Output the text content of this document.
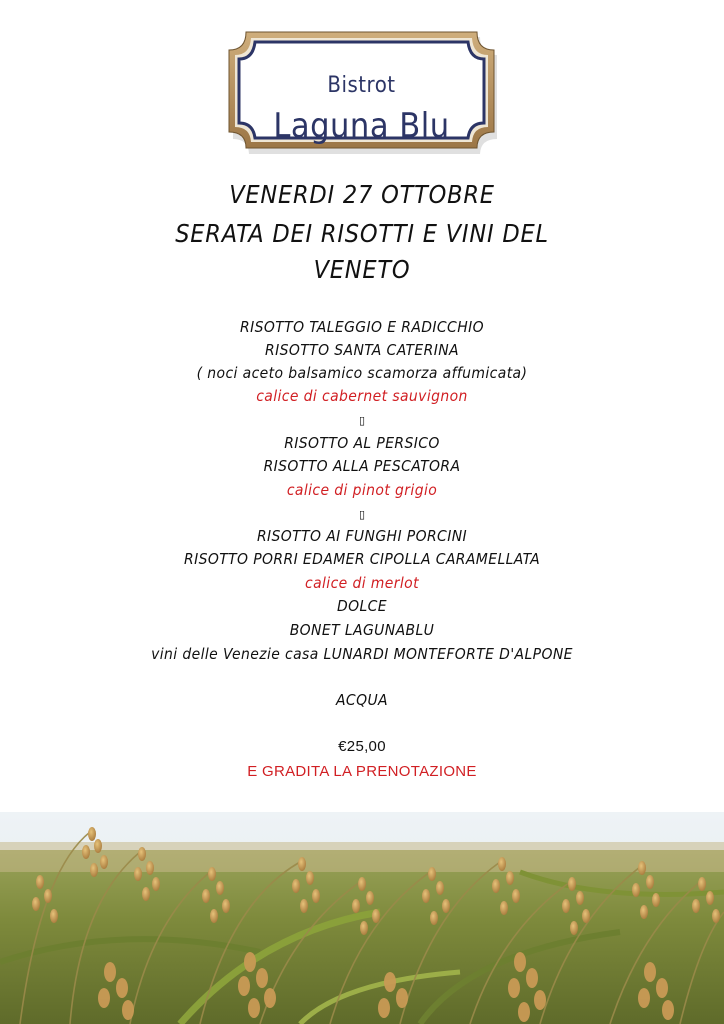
Bistrot
Laguna Blu
VENERDI 27 OTTOBRE
SERATA DEI RISOTTI E VINI DEL
VENETO
RISOTTO TALEGGIO E RADICCHIO
RISOTTO SANTA CATERINA
( noci aceto balsamico scamorza affumicata)
calice di cabernet sauvignon
▯
RISOTTO AL PERSICO
RISOTTO ALLA PESCATORA
calice di pinot grigio
▯
RISOTTO AI FUNGHI PORCINI
RISOTTO PORRI EDAMER CIPOLLA CARAMELLATA
calice di merlot
DOLCE
BONET LAGUNABLU
vini delle Venezie casa LUNARDI MONTEFORTE D'ALPONE
ACQUA
€25,00
E GRADITA LA PRENOTAZIONE
